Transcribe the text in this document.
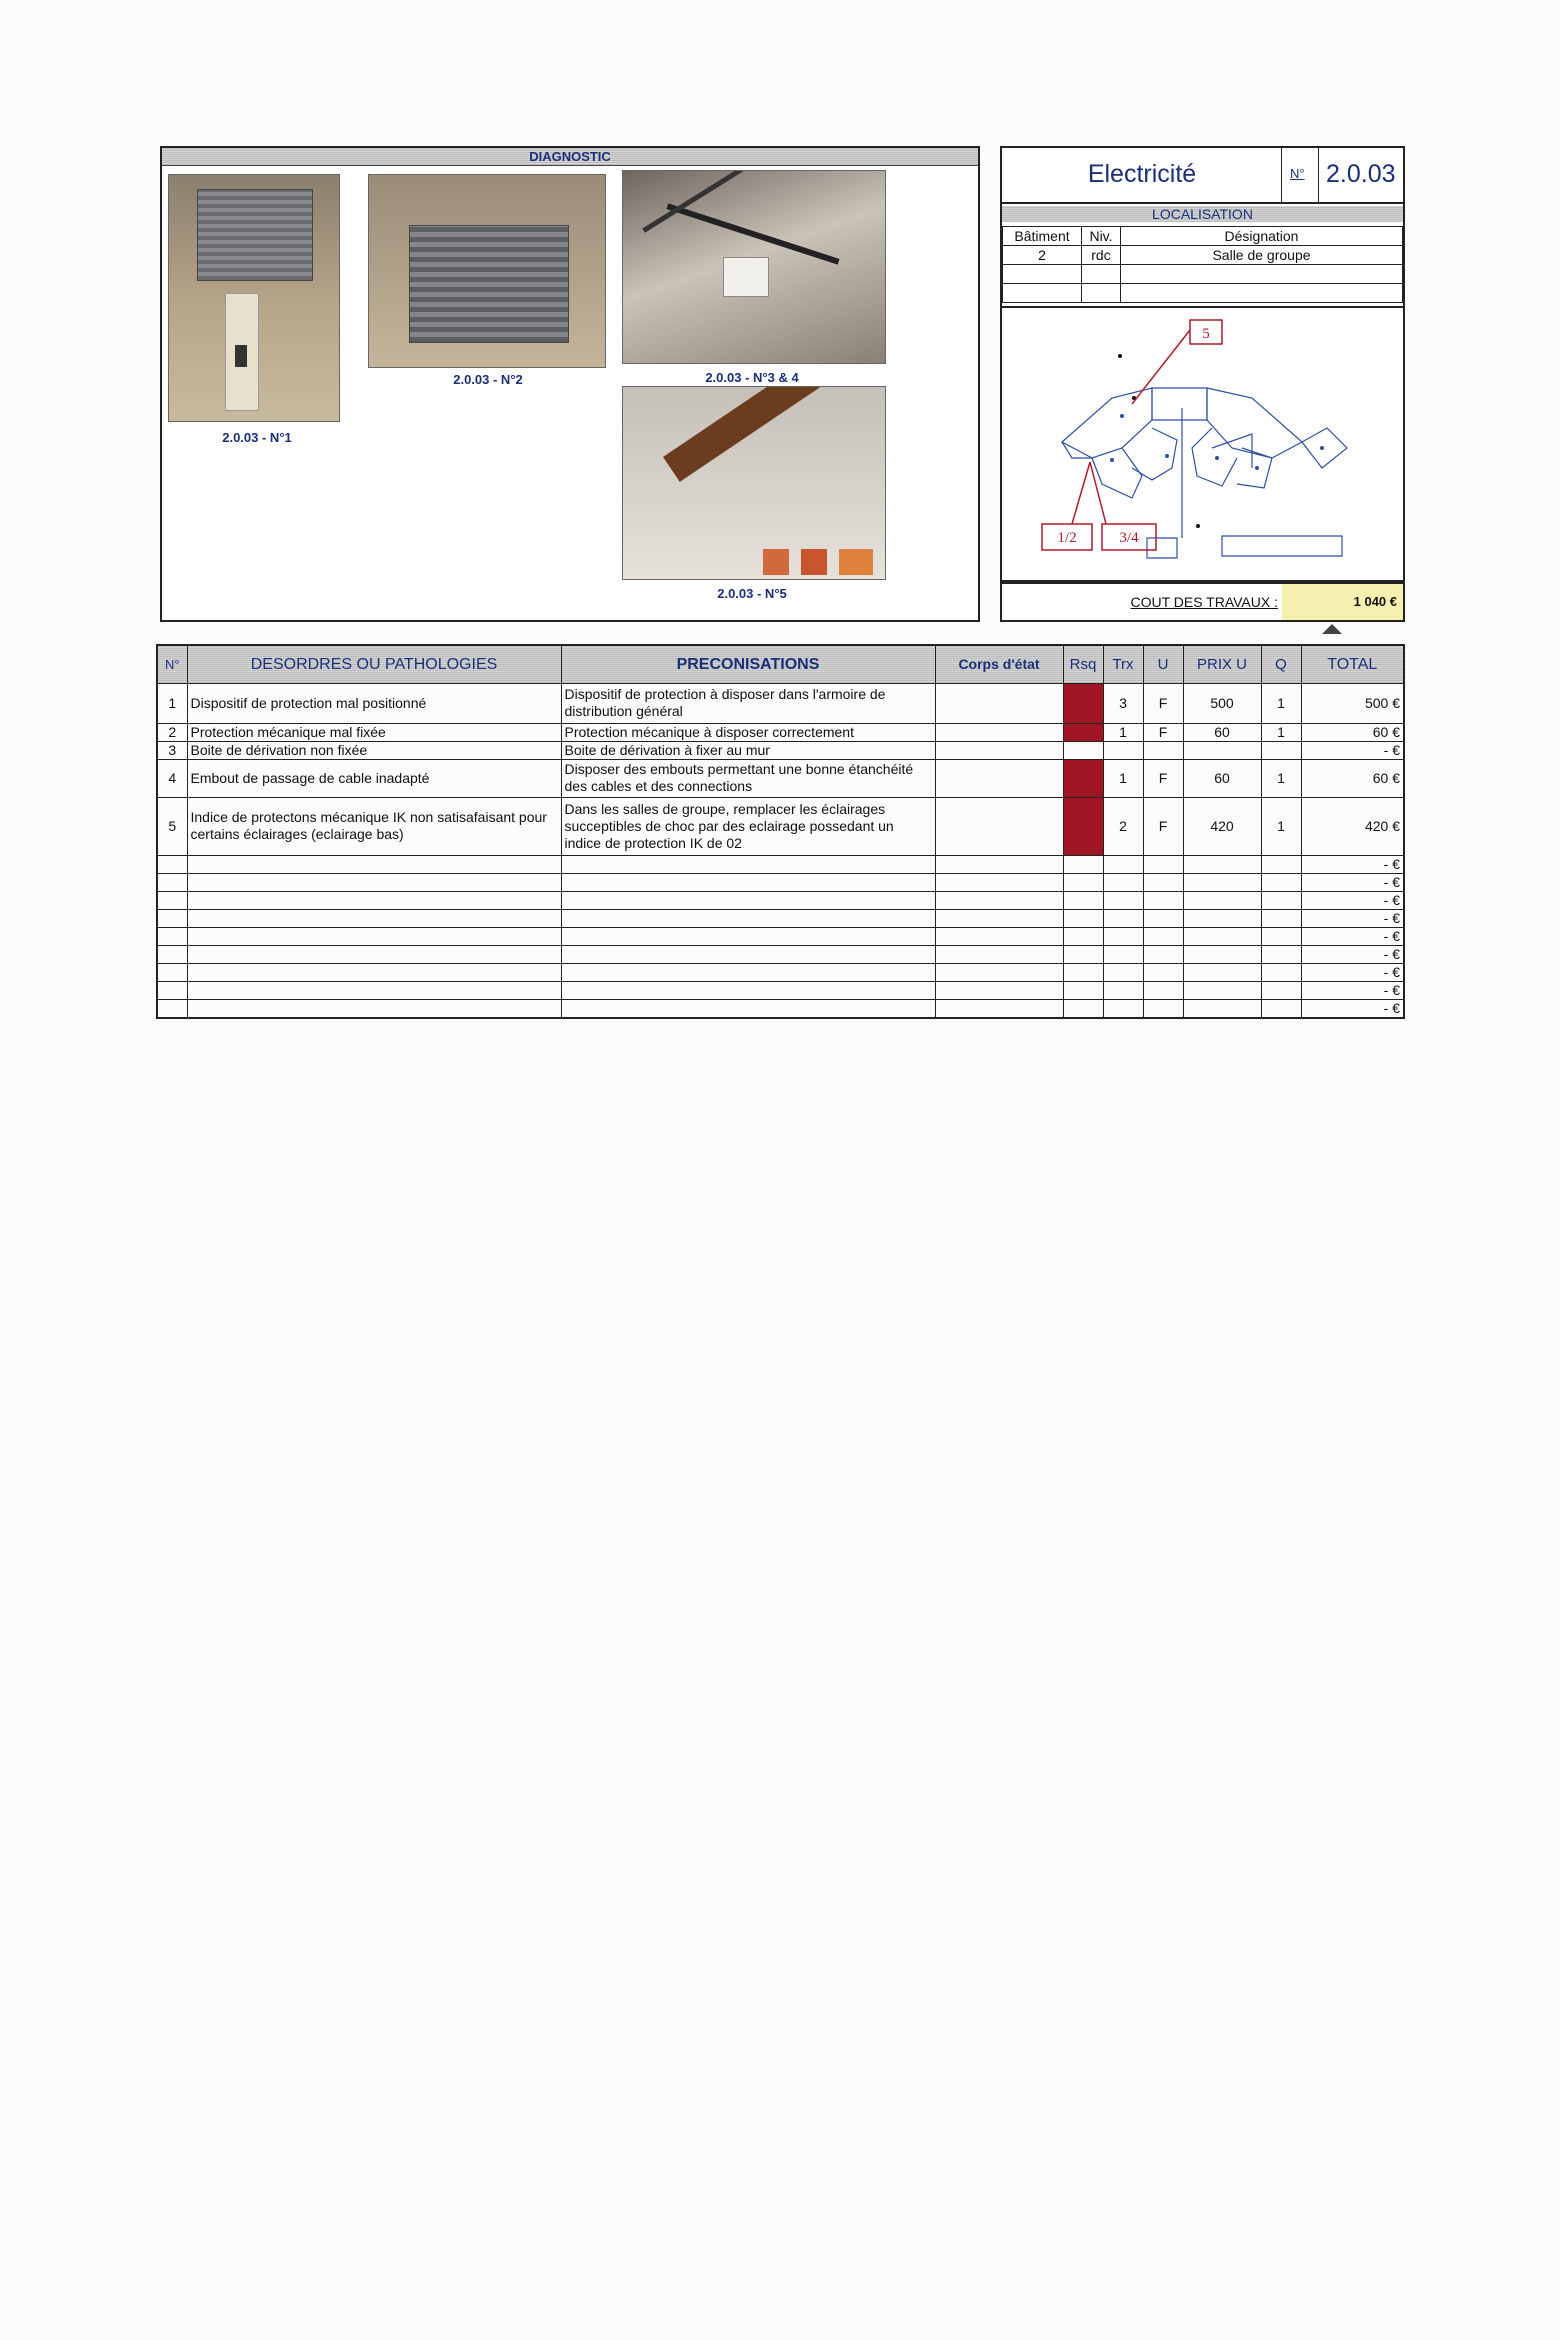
DIAGNOSTIC
2.0.03 - N°1
2.0.03 - N°2	2.0.03 - N°3 & 4
2.0.03 - N°5
Electricité	N° 2.0.03
LOCALISATION
Bâtiment	Niv.	Désignation
2	rdc	Salle de groupe

5
1/2	3/4
COUT DES TRAVAUX :	1 040 €
N°	DESORDRES OU PATHOLOGIES	PRECONISATIONS	Corps d'état	Rsq	Trx	U	PRIX U	Q	TOTAL
1	Dispositif de protection mal positionné	Dispositif de protection à disposer dans l'armoire de distribution général		1	3	F	500	1	500 €
2	Protection mécanique mal fixée	Protection mécanique à disposer correctement		1	1	F	60	1	60 €
3	Boite de dérivation non fixée	Boite de dérivation à fixer au mur							- €
4	Embout de passage de cable inadapté	Disposer des embouts permettant une bonne étanchéité des cables et des connections		1	1	F	60	1	60 €
5	Indice de protectons mécanique IK non satisafaisant pour certains éclairages (eclairage bas)	Dans les salles de groupe, remplacer les éclairages succeptibles de choc par des eclairage possedant un indice de protection IK de 02		1	2	F	420	1	420 €
									- €
									- €
									- €
									- €
									- €
									- €
									- €
									- €
									- €
